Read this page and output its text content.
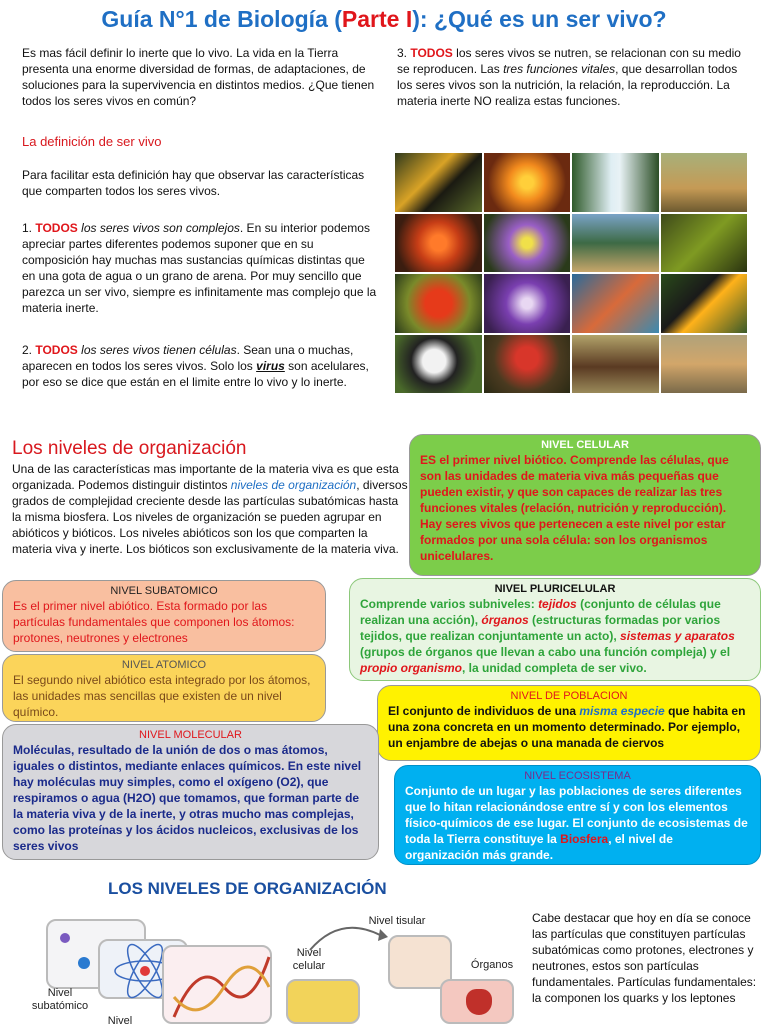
Guía N°1 de Biología (Parte I): ¿Qué es un ser vivo?
Es mas fácil definir lo inerte que lo vivo. La vida en la Tierra presenta una enorme diversidad de formas, de adaptaciones, de soluciones para la supervivencia en distintos medios. ¿Que tienen todos los seres vivos en común?
La definición de ser vivo
Para facilitar esta definición hay que observar las características que comparten todos los seres vivos.
1. TODOS los seres vivos son complejos. En su interior podemos apreciar partes diferentes podemos suponer que en su composición hay muchas mas sustancias químicas distintas que en una gota de agua o un grano de arena. Por muy sencillo que parezca un ser vivo, siempre es infinitamente mas complejo que la materia inerte.
2. TODOS los seres vivos tienen células. Sean una o muchas, aparecen en todos los seres vivos. Solo los virus son acelulares, por eso se dice que están en el limite entre lo vivo y lo inerte.
3. TODOS los seres vivos se nutren, se relacionan con su medio se reproducen. Las tres funciones vitales, que desarrollan todos los seres vivos son la nutrición, la relación, la reproducción. La materia inerte NO realiza estas funciones.
Los niveles de organización
Una de las características mas importante de la materia viva es que esta organizada. Podemos distinguir distintos niveles de organización, diversos grados de complejidad creciente desde las partículas subatómicas hasta la misma biosfera. Los niveles de organización se pueden agrupar en abióticos y bióticos. Los niveles abióticos son los que comparten la materia viva y inerte. Los bióticos son exclusivamente de la materia viva.
NIVEL CELULAR
ES el primer nivel biótico. Comprende las células, que son las unidades de materia viva más pequeñas que pueden existir, y que son capaces de realizar las tres funciones vitales (relación, nutrición y reproducción). Hay seres vivos que pertenecen a este nivel por estar formados por una sola célula: son los organismos unicelulares.
NIVEL SUBATOMICO
Es el primer nivel abiótico. Esta formado por las partículas fundamentales que componen los átomos: protones, neutrones y electrones
NIVEL PLURICELULAR
Comprende varios subniveles: tejidos (conjunto de células que realizan una acción), órganos (estructuras formadas por varios tejidos, que realizan conjuntamente un acto), sistemas y aparatos (grupos de órganos que llevan a cabo una función compleja) y el propio organismo, la unidad completa de ser vivo.
NIVEL ATOMICO
El segundo nivel abiótico esta integrado por los átomos, las unidades mas sencillas que existen de un nivel químico.
NIVEL DE POBLACION
El conjunto de individuos de una misma especie que habita en una zona concreta en un momento determinado. Por ejemplo, un enjambre de abejas o una manada de ciervos
NIVEL MOLECULAR
Moléculas, resultado de la unión de dos o mas átomos, iguales o distintos, mediante enlaces químicos. En este nivel hay moléculas muy simples, como el oxígeno (O2), que respiramos o agua (H2O) que tomamos, que forman parte de la materia viva y de la inerte, y otras mucho mas complejas, como las proteínas y los ácidos nucleicos, exclusivas de los seres vivos
NIVEL ECOSISTEMA
Conjunto de un lugar y las poblaciones de seres diferentes que lo hitan relacionándose entre sí y con los elementos físico-químicos de ese lugar. El conjunto de ecosistemas de toda la Tierra constituye la Biosfera, el nivel de organización más grande.
LOS NIVELES DE ORGANIZACIÓN
Nivel
subatómico
Nivel
Nivel tisular
Nivel
celular	Órganos
Cabe destacar que hoy en día se conoce las partículas que constituyen partículas subatómicas como protones, electrones y neutrones, estos son partículas fundamentales. Partículas fundamentales: la componen los quarks y los leptones
